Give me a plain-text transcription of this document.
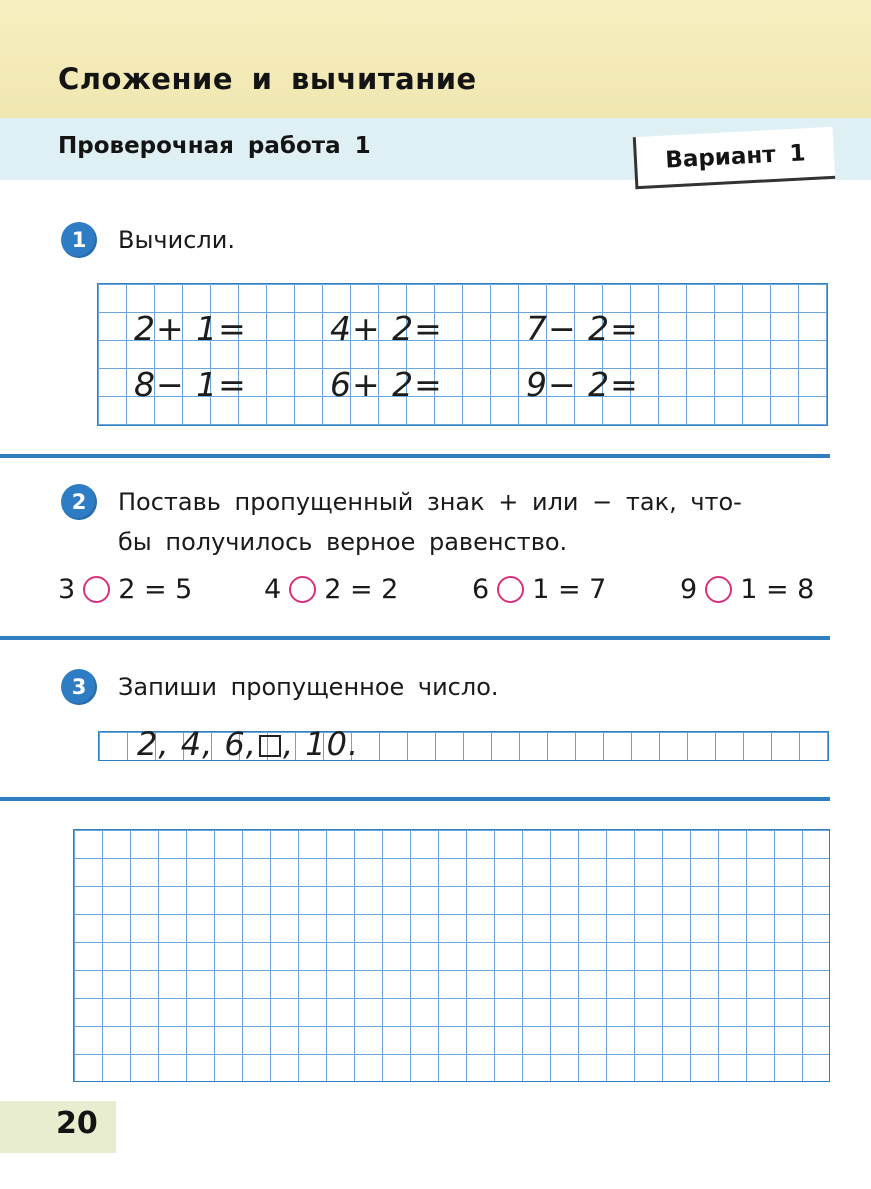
Сложение и вычитание
Проверочная работа 1	Вариант 1
1	Вычисли.
2+ 1=	4+ 2=	7− 2=
8− 1=	6+ 2=	9− 2=
2	Поставь пропущенный знак + или − так, что-
бы получилось верное равенство.
3 2 = 5	4 2 = 2	6 1 = 7	9 1 = 8
3	Запиши пропущенное число.
2, 4, 6, , 10.
20
